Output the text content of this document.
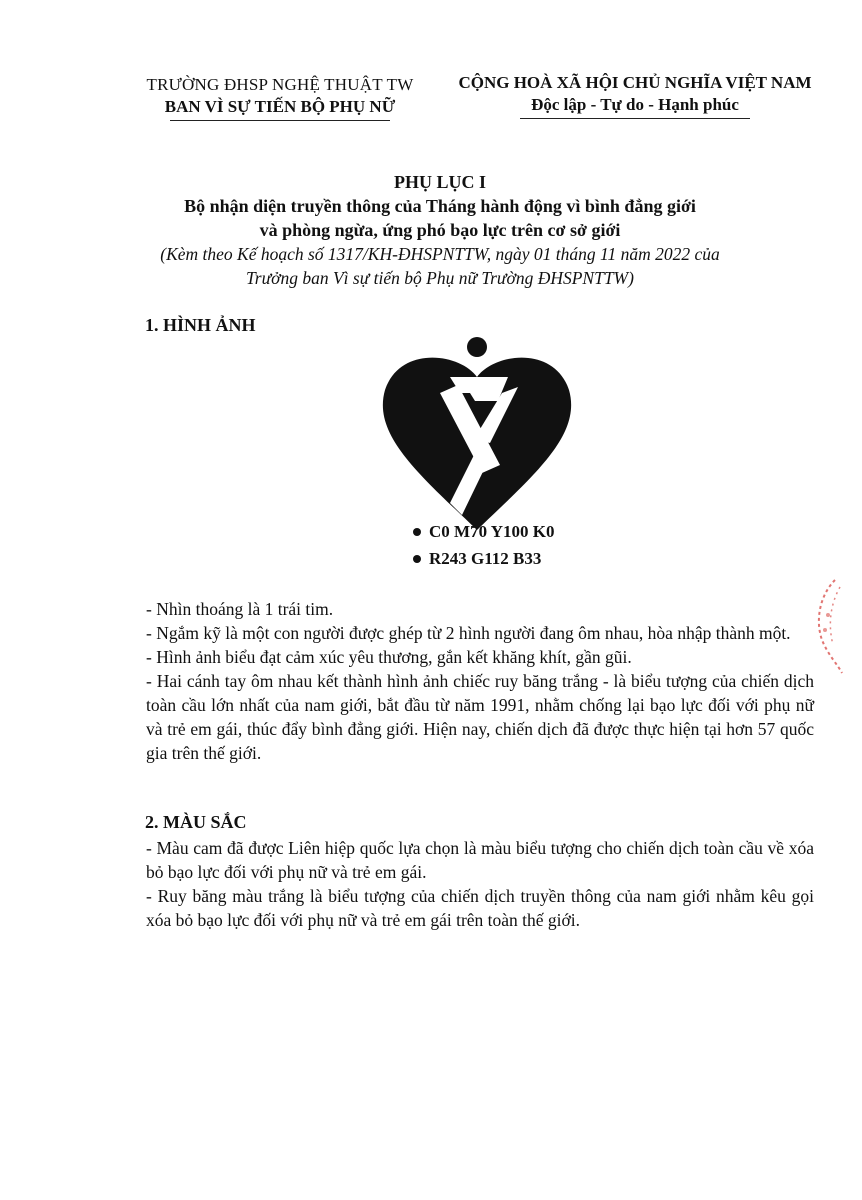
TRƯỜNG ĐHSP NGHỆ THUẬT TW
BAN VÌ SỰ TIẾN BỘ PHỤ NỮ
CỘNG HOÀ XÃ HỘI CHỦ NGHĨA VIỆT NAM
Độc lập - Tự do - Hạnh phúc
PHỤ LỤC I
Bộ nhận diện truyền thông của Tháng hành động vì bình đẳng giới
và phòng ngừa, ứng phó bạo lực trên cơ sở giới
(Kèm theo Kế hoạch số 1317/KH-ĐHSPNTTW, ngày 01 tháng 11 năm 2022 của
Trưởng ban Vì sự tiến bộ Phụ nữ Trường ĐHSPNTTW)
1. HÌNH ẢNH
C0 M70 Y100 K0
R243 G112 B33

- Nhìn thoáng là 1 trái tim.

- Ngắm kỹ là một con người được ghép từ 2 hình người đang ôm nhau, hòa nhập thành một.

- Hình ảnh biểu đạt cảm xúc yêu thương, gắn kết khăng khít, gần gũi.

- Hai cánh tay ôm nhau kết thành hình ảnh chiếc ruy băng trắng - là biểu tượng của chiến dịch toàn cầu lớn nhất của nam giới, bắt đầu từ năm 1991, nhằm chống lại bạo lực đối với phụ nữ và trẻ em gái, thúc đẩy bình đẳng giới. Hiện nay, chiến dịch đã được thực hiện tại hơn 57 quốc gia trên thế giới.

2. MÀU SẮC

- Màu cam đã được Liên hiệp quốc lựa chọn là màu biểu tượng cho chiến dịch toàn cầu về xóa bỏ bạo lực đối với phụ nữ và trẻ em gái.

- Ruy băng màu trắng là biểu tượng của chiến dịch truyền thông của nam giới nhằm kêu gọi xóa bỏ bạo lực đối với phụ nữ và trẻ em gái trên toàn thế giới.
